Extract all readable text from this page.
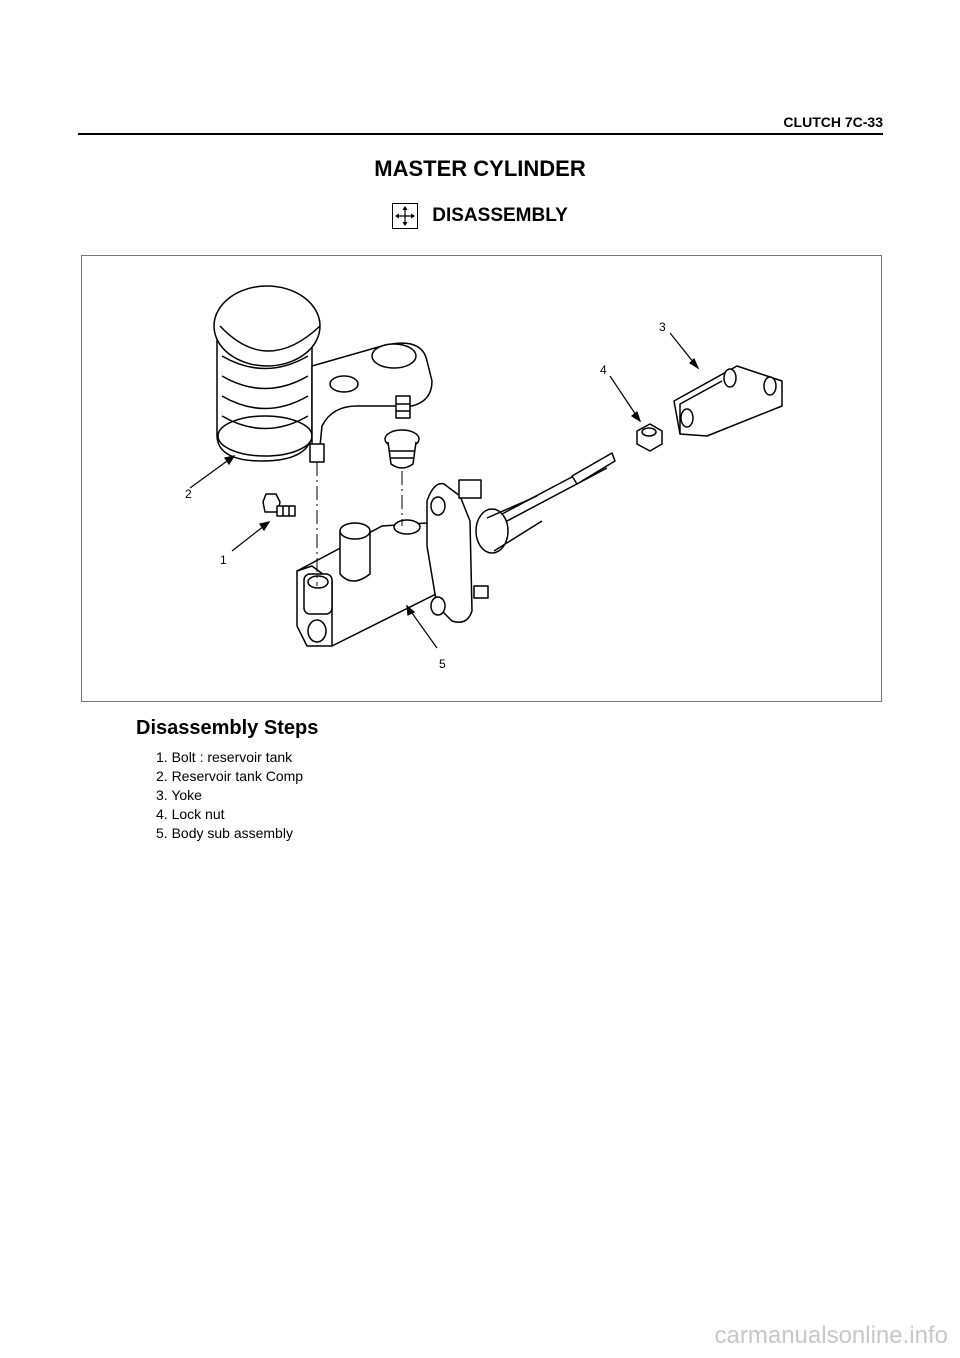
CLUTCH 7C-33
MASTER CYLINDER
DISASSEMBLY
2
1
3
4
5
Disassembly Steps
1. Bolt : reservoir tank
2. Reservoir tank Comp
3. Yoke
4. Lock nut
5. Body sub assembly
carmanualsonline.info
